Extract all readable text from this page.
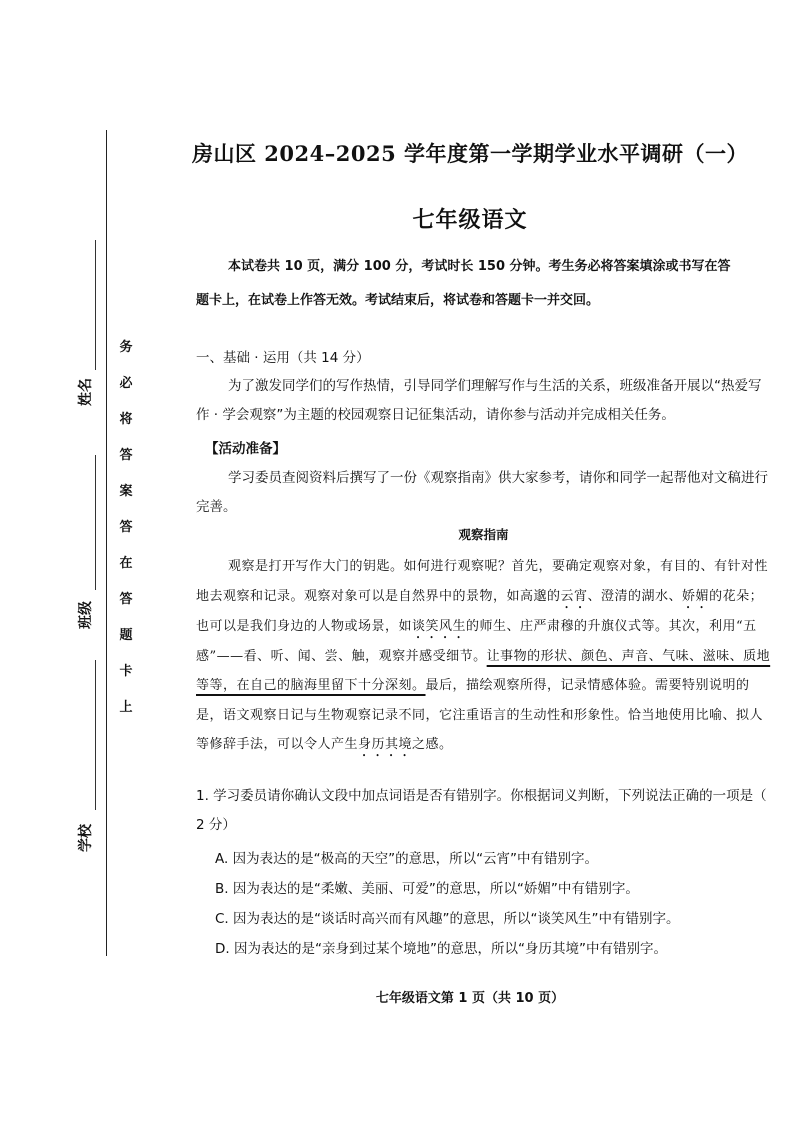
务
必
将
答
案
答
在
答
题
卡
上
姓名
班级
学校
房山区 2024–2025 学年度第一学期学业水平调研（一）
七年级语文
本试卷共 10 页，满分 100 分，考试时长 150 分钟。考生务必将答案填涂或书写在答
题卡上，在试卷上作答无效。考试结束后，将试卷和答题卡一并交回。
一、基础 · 运用（共 14 分）
为了激发同学们的写作热情，引导同学们理解写作与生活的关系，班级准备开展以“热爱写作 · 学会观察”为主题的校园观察日记征集活动，请你参与活动并完成相关任务。
【活动准备】
学习委员查阅资料后撰写了一份《观察指南》供大家参考，请你和同学一起帮他对文稿进行完善。
观察指南
观察是打开写作大门的钥匙。如何进行观察呢？首先，要确定观察对象，有目的、有针对性地去观察和记录。观察对象可以是自然界中的景物，如高邈的云宵、澄清的湖水、娇媚的花朵；也可以是我们身边的人物或场景，如谈笑风生的师生、庄严肃穆的升旗仪式等。其次，利用“五感”——看、听、闻、尝、触，观察并感受细节。让事物的形状、颜色、声音、气味、滋味、质地等等，在自己的脑海里留下十分深刻。最后，描绘观察所得，记录情感体验。需要特别说明的是，语文观察日记与生物观察记录不同，它注重语言的生动性和形象性。恰当地使用比喻、拟人等修辞手法，可以令人产生身历其境之感。
1. 学习委员请你确认文段中加点词语是否有错别字。你根据词义判断，下列说法正确的一项是（ 2 分）
A. 因为表达的是“极高的天空”的意思，所以“云宵”中有错别字。
B. 因为表达的是“柔嫩、美丽、可爱”的意思，所以“娇媚”中有错别字。
C. 因为表达的是“谈话时高兴而有风趣”的意思，所以“谈笑风生”中有错别字。
D. 因为表达的是“亲身到过某个境地”的意思，所以“身历其境”中有错别字。
七年级语文第 1 页（共 10 页）
